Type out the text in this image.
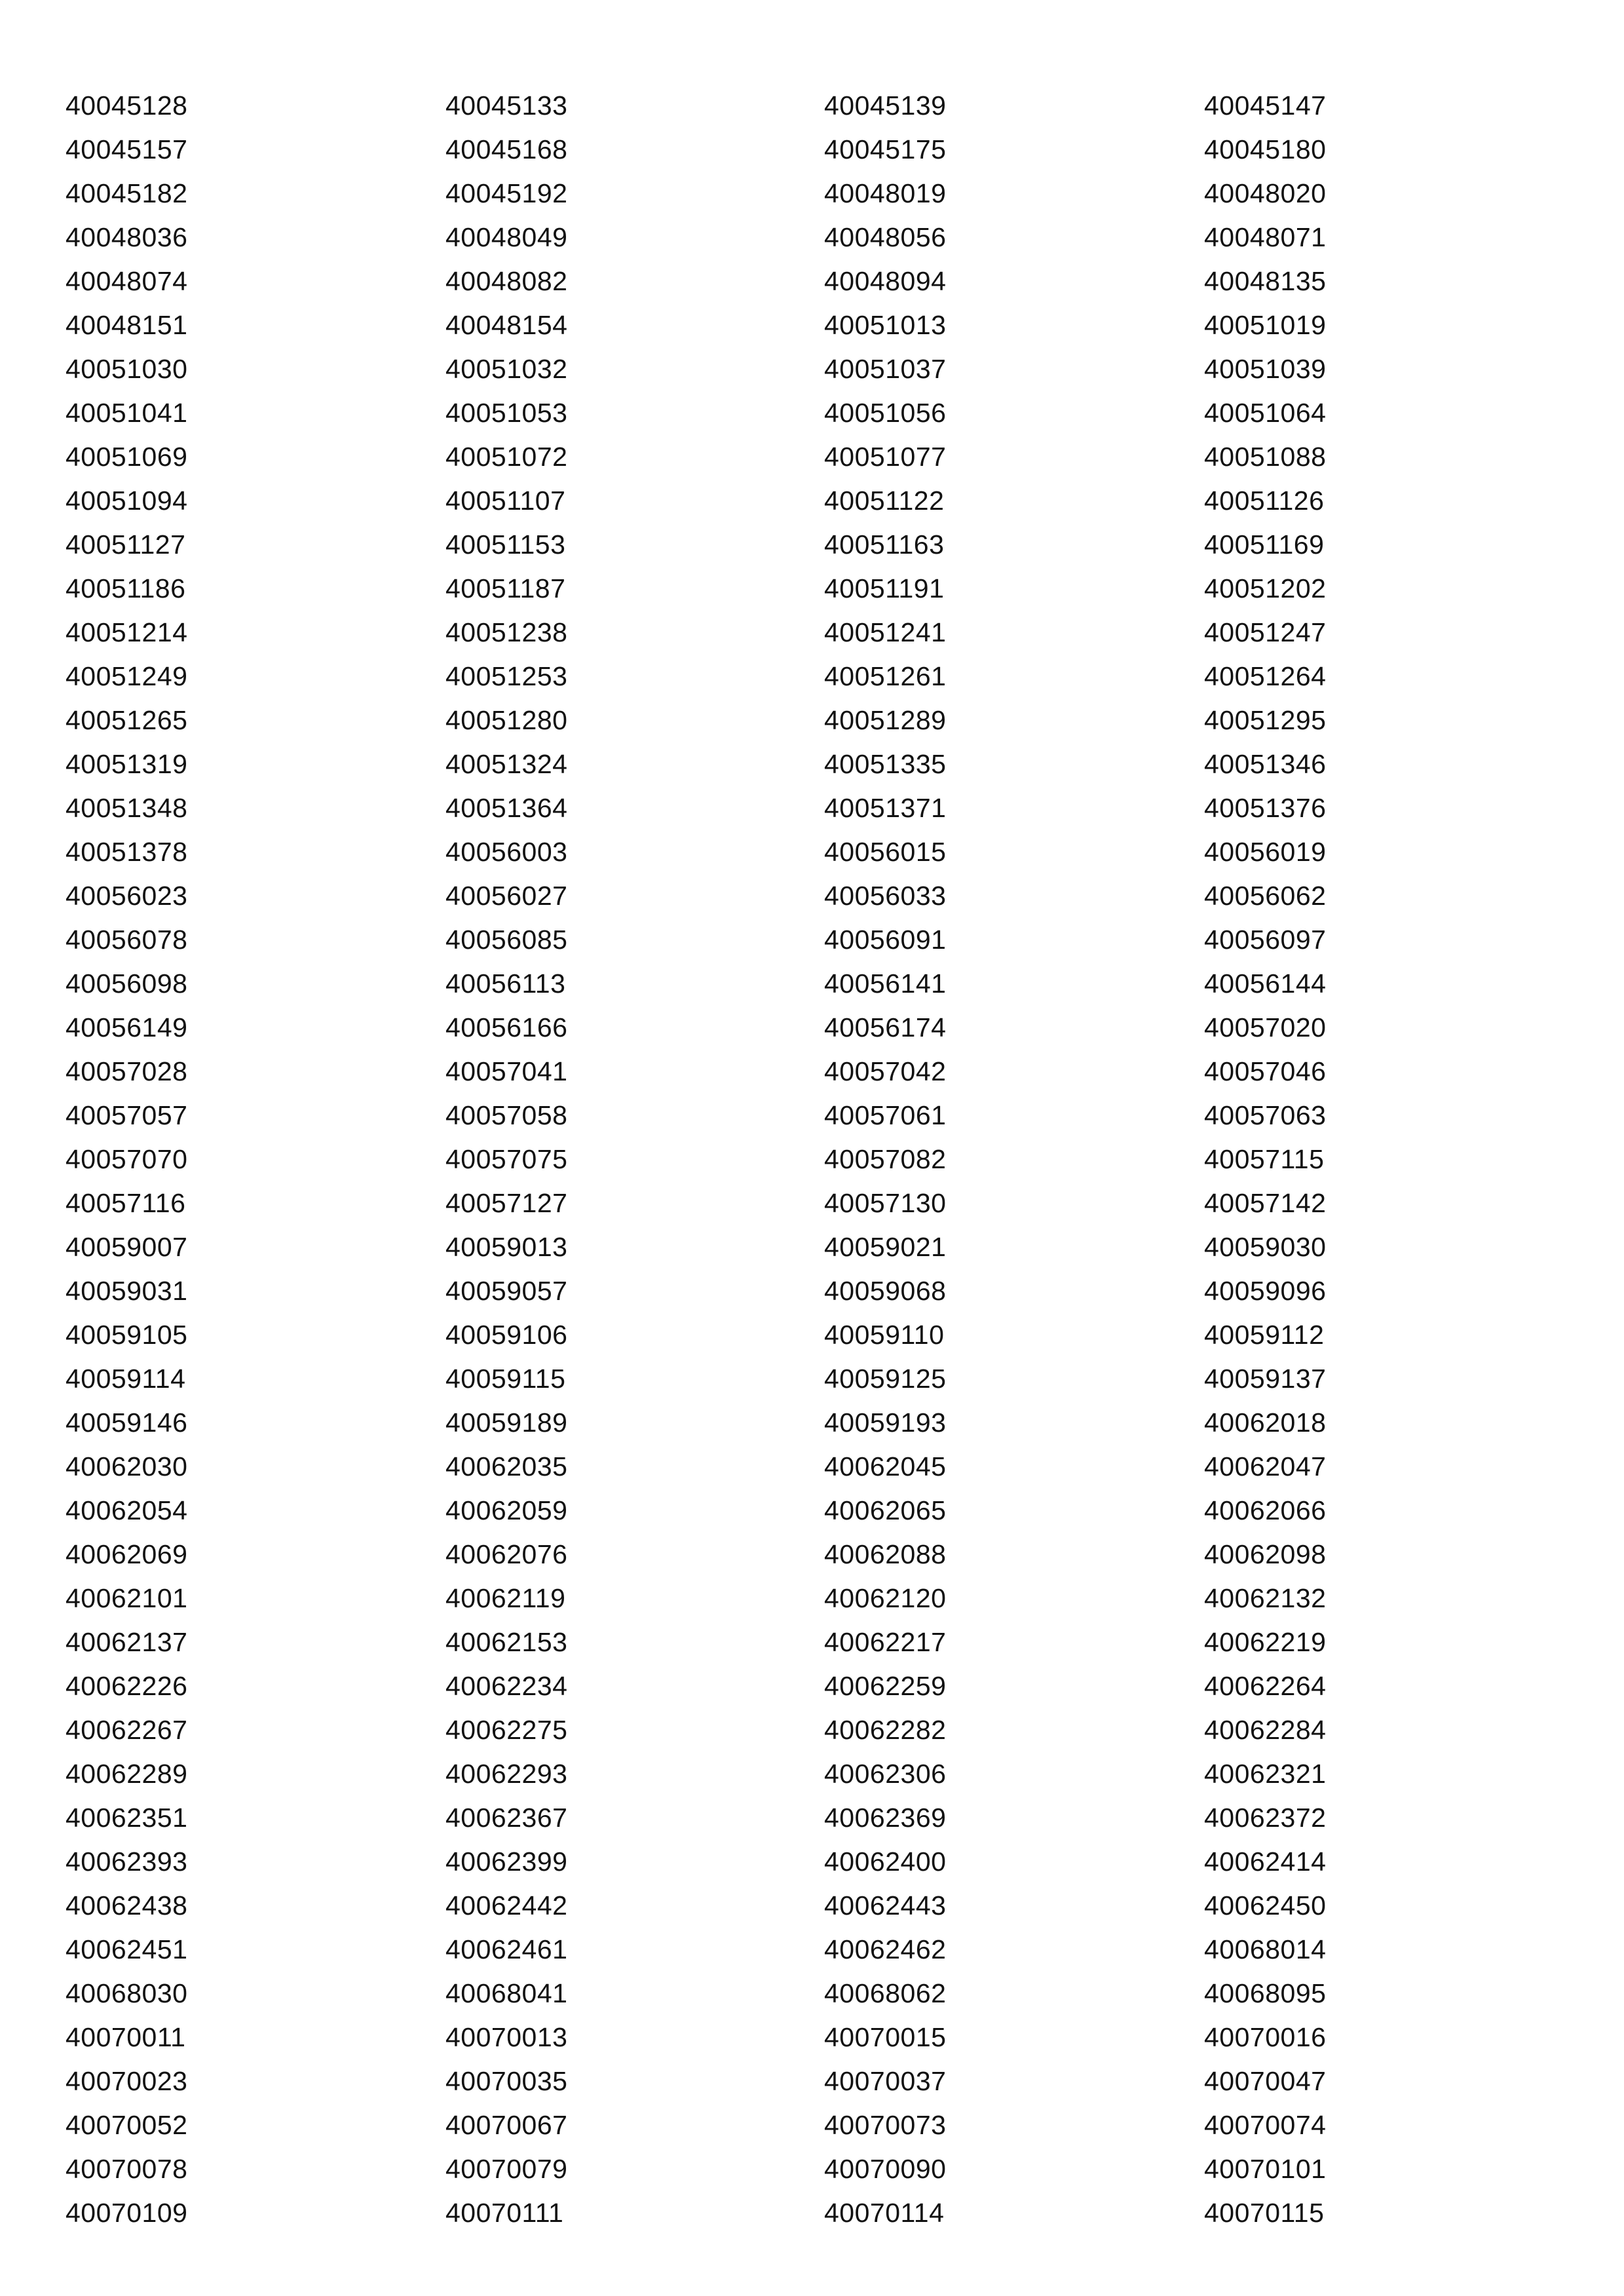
40045128	40045133	40045139	40045147
40045157	40045168	40045175	40045180
40045182	40045192	40048019	40048020
40048036	40048049	40048056	40048071
40048074	40048082	40048094	40048135
40048151	40048154	40051013	40051019
40051030	40051032	40051037	40051039
40051041	40051053	40051056	40051064
40051069	40051072	40051077	40051088
40051094	40051107	40051122	40051126
40051127	40051153	40051163	40051169
40051186	40051187	40051191	40051202
40051214	40051238	40051241	40051247
40051249	40051253	40051261	40051264
40051265	40051280	40051289	40051295
40051319	40051324	40051335	40051346
40051348	40051364	40051371	40051376
40051378	40056003	40056015	40056019
40056023	40056027	40056033	40056062
40056078	40056085	40056091	40056097
40056098	40056113	40056141	40056144
40056149	40056166	40056174	40057020
40057028	40057041	40057042	40057046
40057057	40057058	40057061	40057063
40057070	40057075	40057082	40057115
40057116	40057127	40057130	40057142
40059007	40059013	40059021	40059030
40059031	40059057	40059068	40059096
40059105	40059106	40059110	40059112
40059114	40059115	40059125	40059137
40059146	40059189	40059193	40062018
40062030	40062035	40062045	40062047
40062054	40062059	40062065	40062066
40062069	40062076	40062088	40062098
40062101	40062119	40062120	40062132
40062137	40062153	40062217	40062219
40062226	40062234	40062259	40062264
40062267	40062275	40062282	40062284
40062289	40062293	40062306	40062321
40062351	40062367	40062369	40062372
40062393	40062399	40062400	40062414
40062438	40062442	40062443	40062450
40062451	40062461	40062462	40068014
40068030	40068041	40068062	40068095
40070011	40070013	40070015	40070016
40070023	40070035	40070037	40070047
40070052	40070067	40070073	40070074
40070078	40070079	40070090	40070101
40070109	40070111	40070114	40070115
